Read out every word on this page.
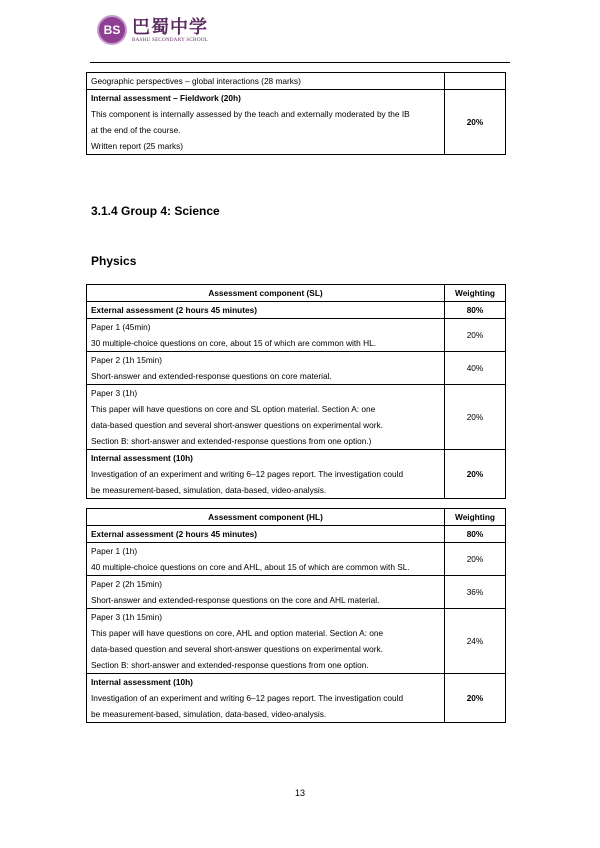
BS 巴蜀中学
BASHU SECONDARY SCHOOL
Geographic perspectives – global interactions (28 marks)	

Internal assessment – Fieldwork (20h)
This component is internally assessed by the teach and externally moderated by the IB
at the end of the course.
Written report (25 marks)	20%
3.1.4 Group 4: Science
Physics
Assessment component (SL)	Weighting

External assessment (2 hours 45 minutes)	80%

Paper 1 (45min)
30 multiple-choice questions on core, about 15 of which are common with HL.	20%

Paper 2 (1h 15min)
Short-answer and extended-response questions on core material.	40%

Paper 3 (1h)
This paper will have questions on core and SL option material. Section A: one
data-based question and several short-answer questions on experimental work.
Section B: short-answer and extended-response questions from one option.)	20%

Internal assessment (10h)
Investigation of an experiment and writing 6–12 pages report. The investigation could
be measurement-based, simulation, data-based, video-analysis.	20%
Assessment component (HL)	Weighting

External assessment (2 hours 45 minutes)	80%

Paper 1 (1h)
40 multiple-choice questions on core and AHL, about 15 of which are common with SL.	20%

Paper 2 (2h 15min)
Short-answer and extended-response questions on the core and AHL material.	36%

Paper 3 (1h 15min)
This paper will have questions on core, AHL and option material. Section A: one
data-based question and several short-answer questions on experimental work.
Section B: short-answer and extended-response questions from one option.	24%

Internal assessment (10h)
Investigation of an experiment and writing 6–12 pages report. The investigation could
be measurement-based, simulation, data-based, video-analysis.	20%
13
